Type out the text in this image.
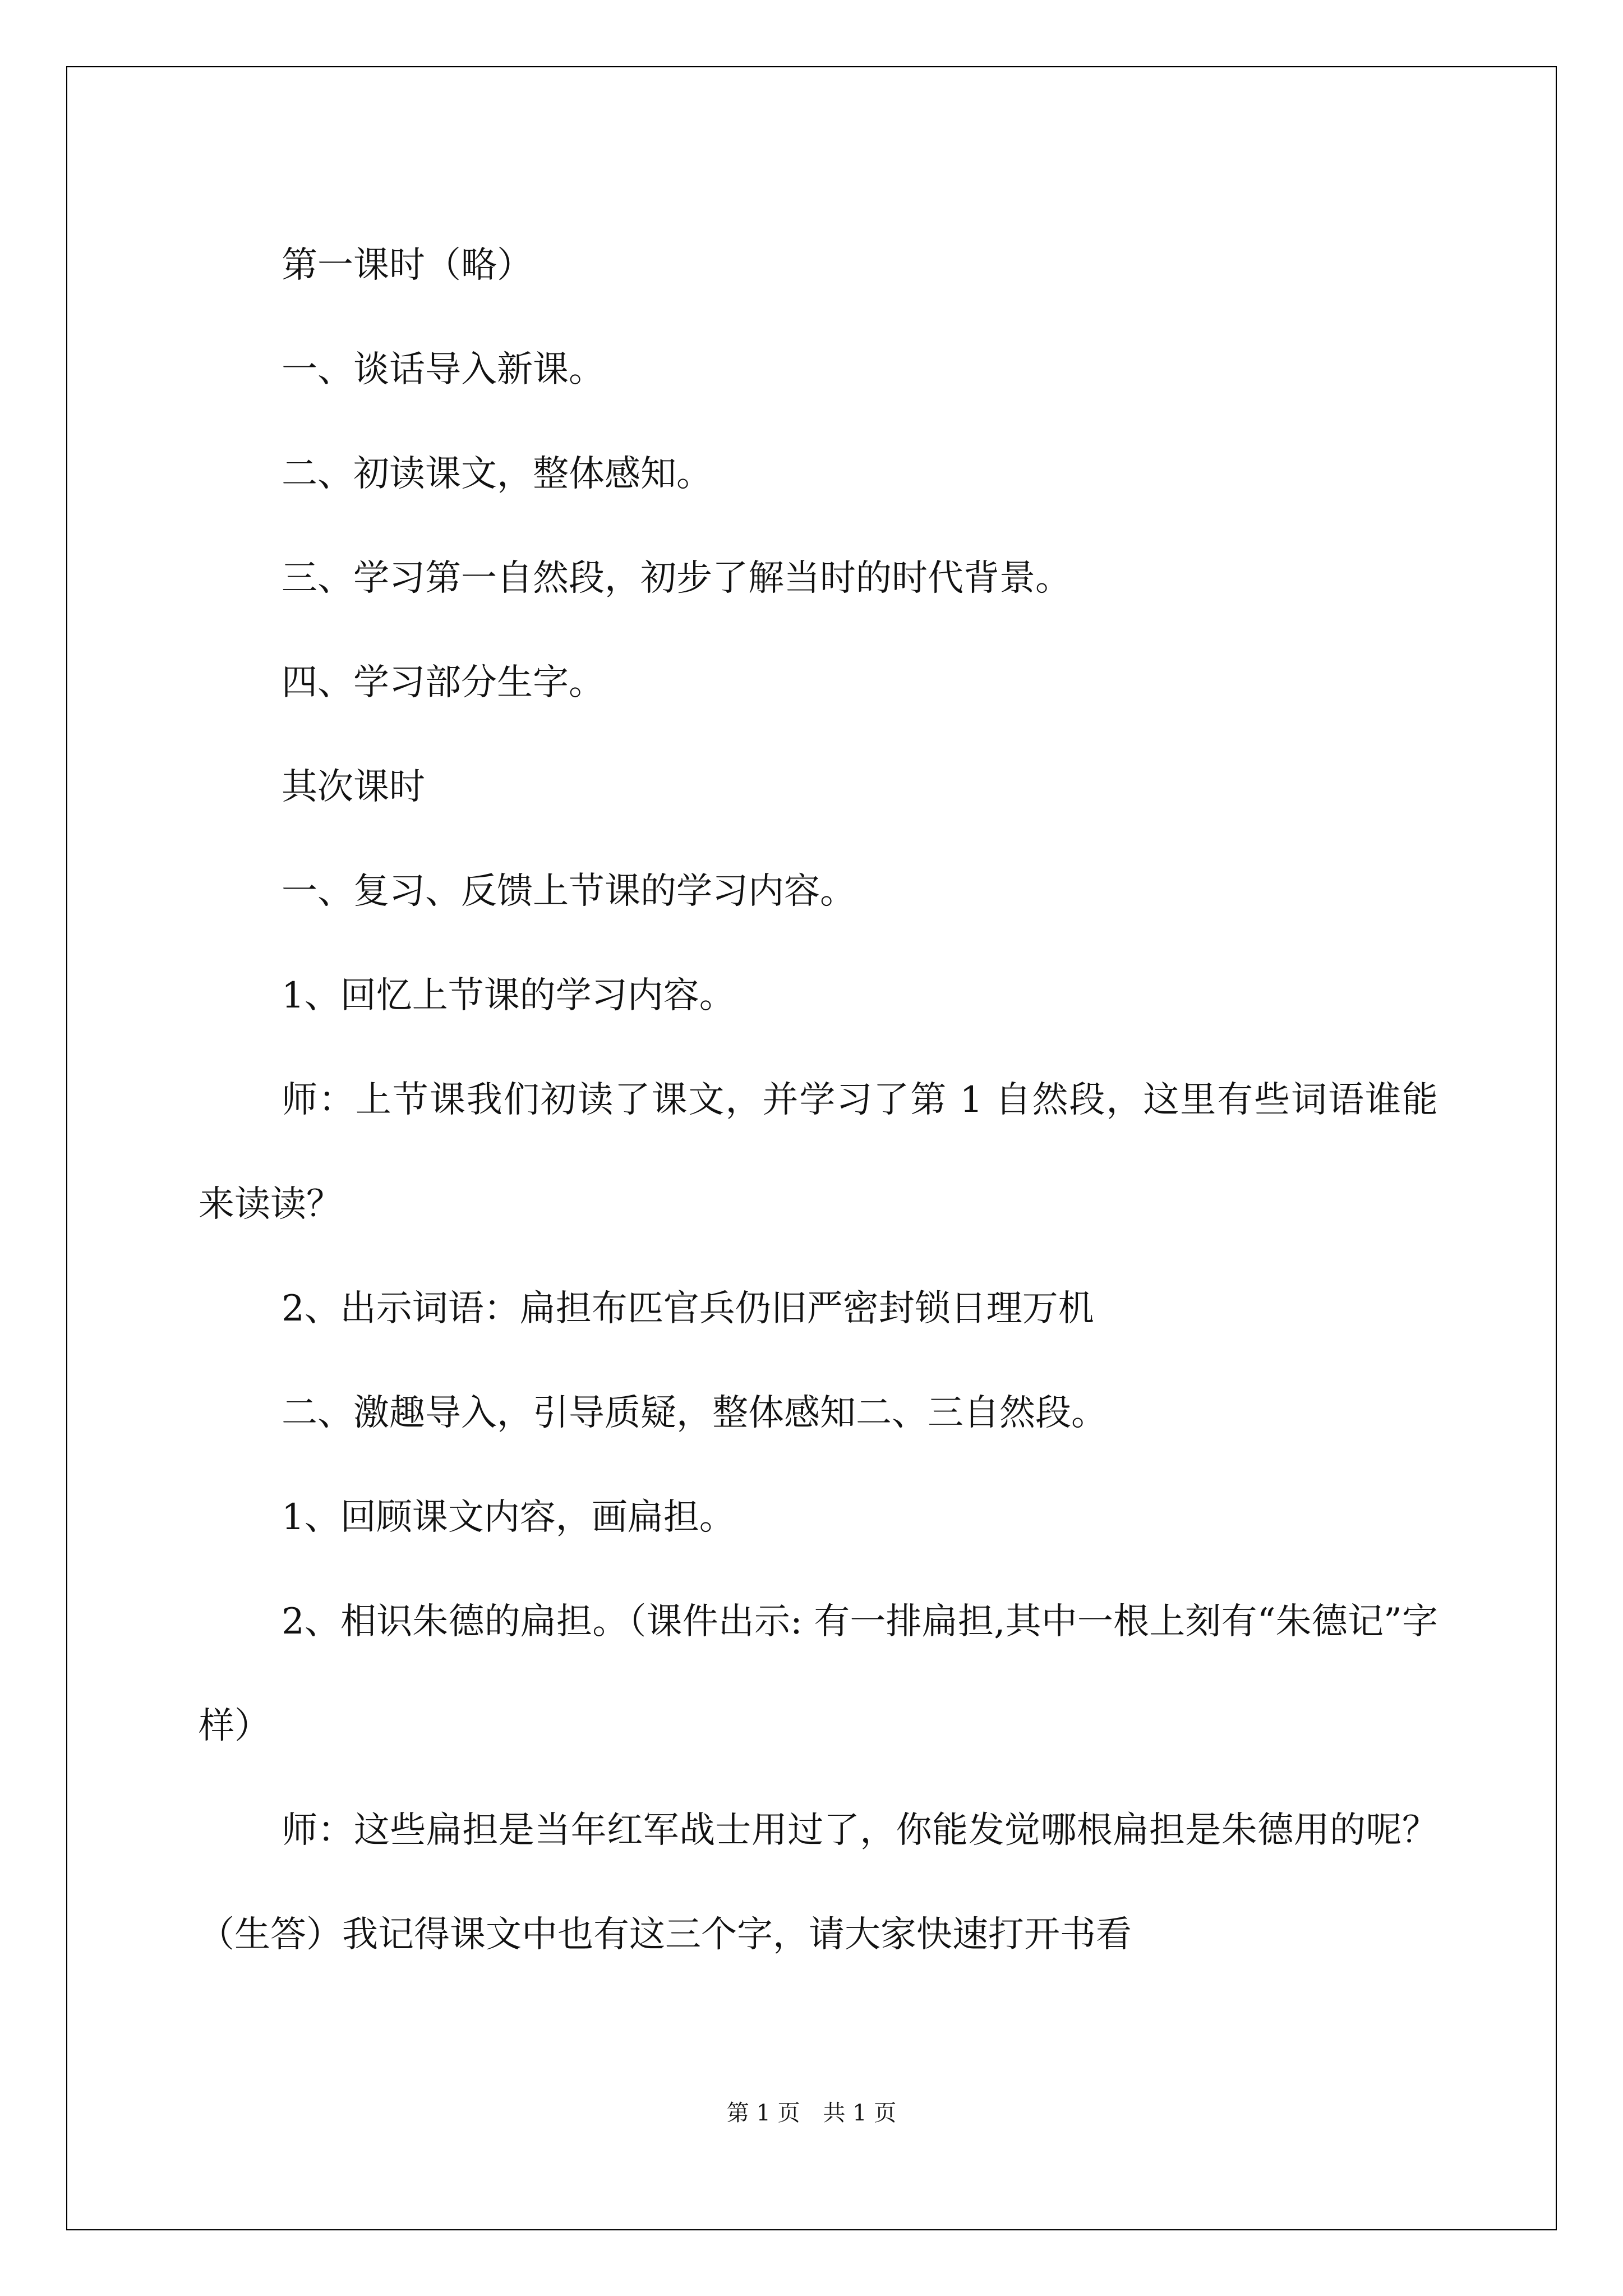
第一课时（略）

一、谈话导入新课。

二、初读课文，整体感知。

三、学习第一自然段，初步了解当时的时代背景。

四、学习部分生字。

其次课时

一、复习、反馈上节课的学习内容。

1、回忆上节课的学习内容。

师：上节课我们初读了课文，并学习了第 1 自然段，这里有些词语谁能来读读？

2、出示词语：扁担布匹官兵仍旧严密封锁日理万机

二、激趣导入，引导质疑，整体感知二、三自然段。

1、回顾课文内容，画扁担。

2、相识朱德的扁担。（课件出示: 有一排扁担,其中一根上刻有“朱德记”字样）

师：这些扁担是当年红军战士用过了，你能发觉哪根扁担是朱德用的呢？（生答）我记得课文中也有这三个字，请大家快速打开书看

第 1 页 共 1 页
